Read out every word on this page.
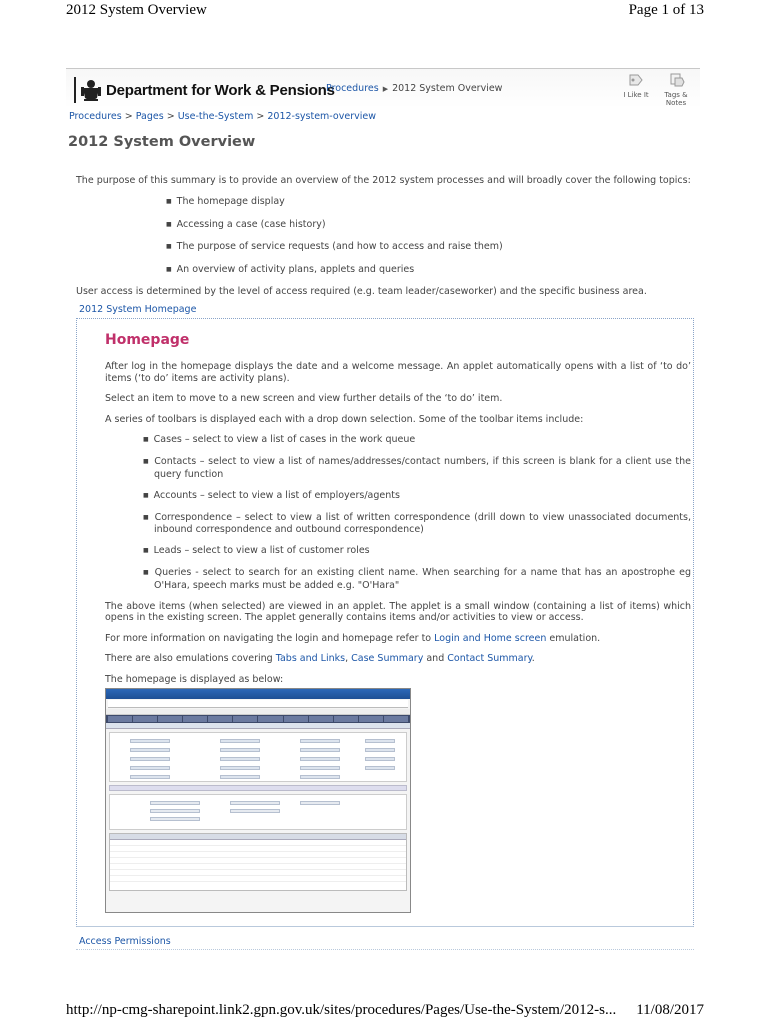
2012 System Overview	Page 1 of 13
Department for Work & Pensions
Procedures ▶ 2012 System Overview
I Like It	Tags &
Notes
Procedures > Pages > Use-the-System > 2012-system-overview
2012 System Overview

The purpose of this summary is to provide an overview of the 2012 system processes and will broadly cover the following topics:

■ The homepage display
■ Accessing a case (case history)
■ The purpose of service requests (and how to access and raise them)
■ An overview of activity plans, applets and queries

User access is determined by the level of access required (e.g. team leader/caseworker) and the specific business area.

2012 System Homepage
Homepage

After log in the homepage displays the date and a welcome message. An applet automatically opens with a list of ‘to do’ items (‘to do’ items are activity plans).

Select an item to move to a new screen and view further details of the ‘to do’ item.

A series of toolbars is displayed each with a drop down selection. Some of the toolbar items include:

■ Cases – select to view a list of cases in the work queue
■ Contacts – select to view a list of names/addresses/contact numbers, if this screen is blank for a client use the query function
■ Accounts – select to view a list of employers/agents
■ Correspondence – select to view a list of written correspondence (drill down to view unassociated documents, inbound correspondence and outbound correspondence)
■ Leads – select to view a list of customer roles
■ Queries - select to search for an existing client name. When searching for a name that has an apostrophe eg O'Hara, speech marks must be added e.g. "O'Hara"

The above items (when selected) are viewed in an applet. The applet is a small window (containing a list of items) which opens in the existing screen. The applet generally contains items and/or activities to view or access.

For more information on navigating the login and homepage refer to Login and Home screen emulation.

There are also emulations covering Tabs and Links, Case Summary and Contact Summary.

The homepage is displayed as below:

Access Permissions
http://np-cmg-sharepoint.link2.gpn.gov.uk/sites/procedures/Pages/Use-the-System/2012-s... 11/08/2017
